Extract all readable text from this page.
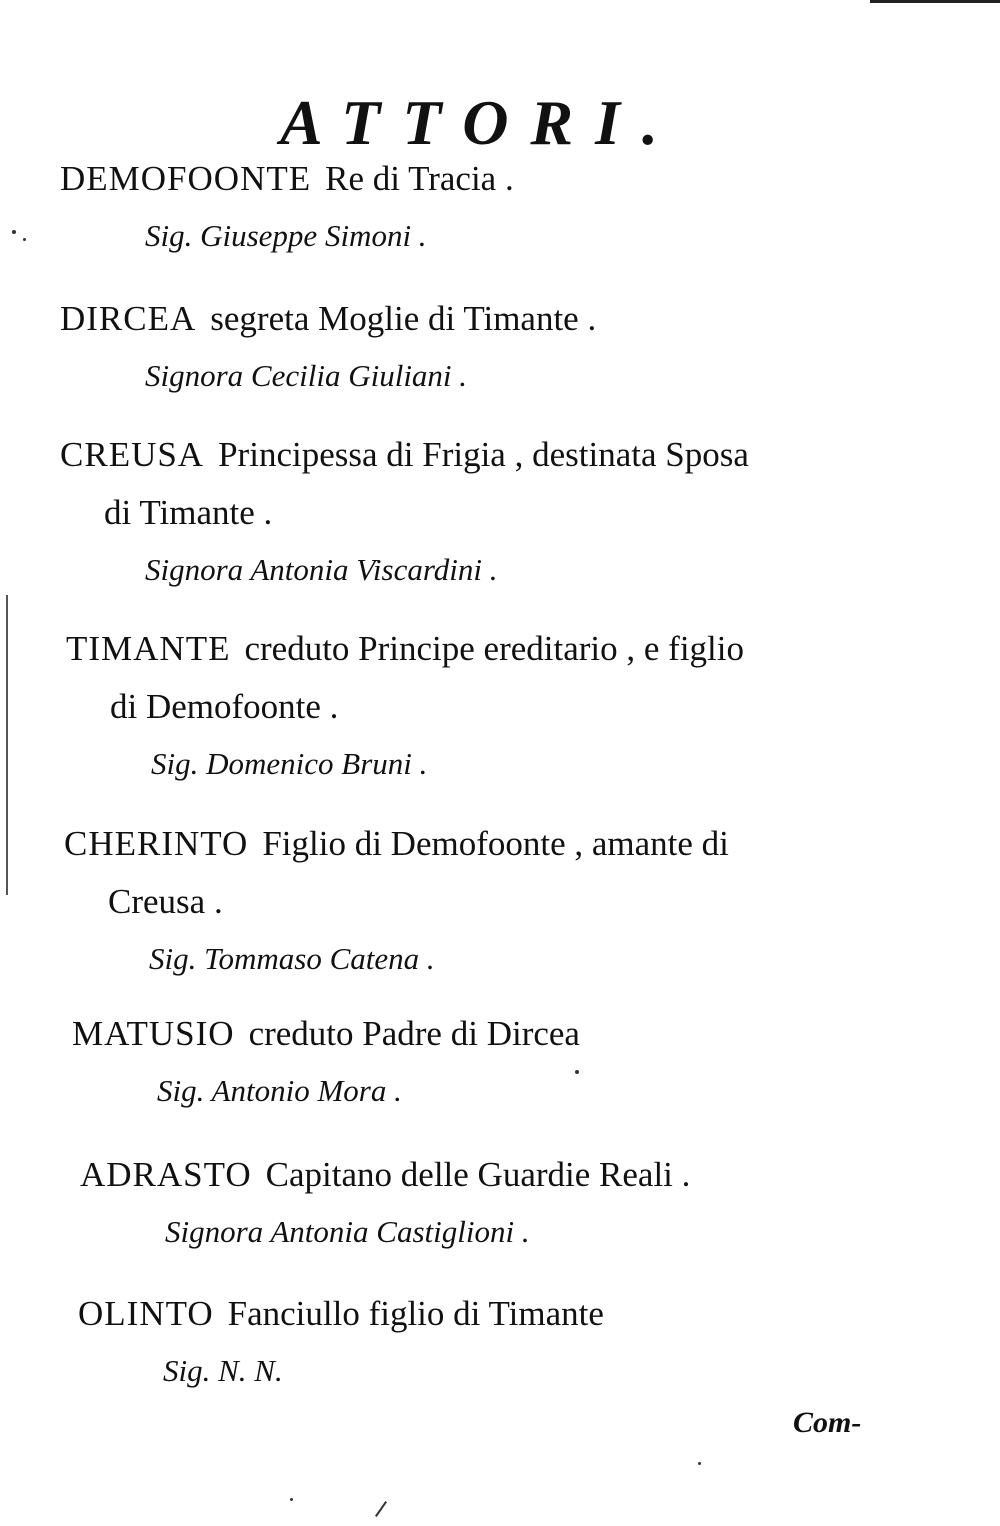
ATTORI.
DEMOFOONTE Re di Tracia .
Sig. Giuseppe Simoni .
DIRCEA segreta Moglie di Timante .
Signora Cecilia Giuliani .
CREUSA Principessa di Frigia , destinata Sposa
di Timante .
Signora Antonia Viscardini .
TIMANTE creduto Principe ereditario , e figlio
di Demofoonte .
Sig. Domenico Bruni .
CHERINTO Figlio di Demofoonte , amante di
Creusa .
Sig. Tommaso Catena .
MATUSIO creduto Padre di Dircea
Sig. Antonio Mora .
ADRASTO Capitano delle Guardie Reali .
Signora Antonia Castiglioni .
OLINTO Fanciullo figlio di Timante
Sig. N. N.
Com-
